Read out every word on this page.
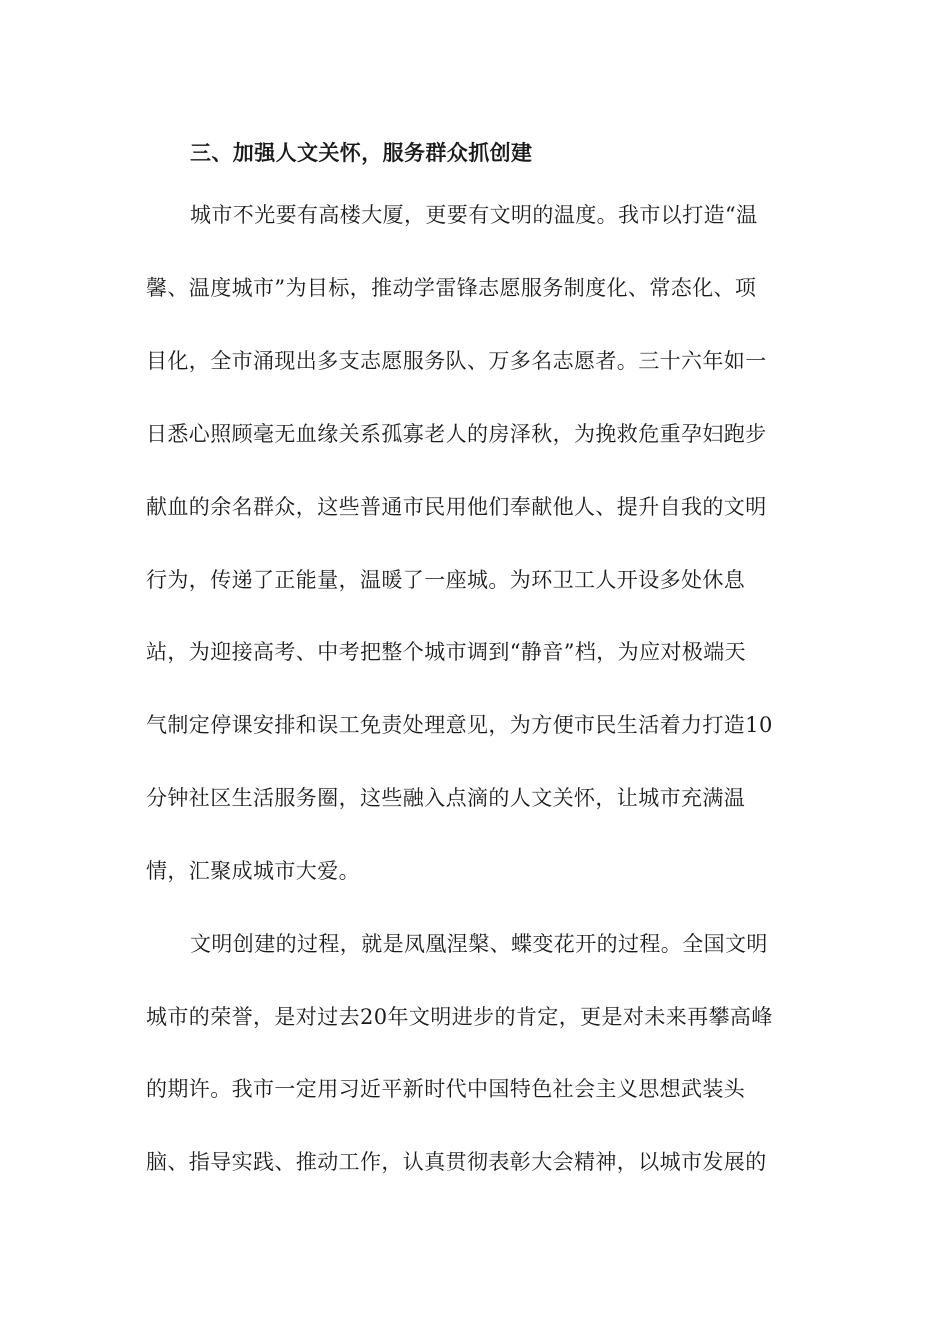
三、加强人文关怀，服务群众抓创建
城市不光要有高楼大厦，更要有文明的温度。我市以打造“温
馨、温度城市”为目标，推动学雷锋志愿服务制度化、常态化、项
目化，全市涌现出多支志愿服务队、万多名志愿者。三十六年如一
日悉心照顾毫无血缘关系孤寡老人的房泽秋，为挽救危重孕妇跑步
献血的余名群众，这些普通市民用他们奉献他人、提升自我的文明
行为，传递了正能量，温暖了一座城。为环卫工人开设多处休息
站，为迎接高考、中考把整个城市调到“静音”档，为应对极端天
气制定停课安排和误工免责处理意见，为方便市民生活着力打造10
分钟社区生活服务圈，这些融入点滴的人文关怀，让城市充满温
情，汇聚成城市大爱。
文明创建的过程，就是凤凰涅槃、蝶变花开的过程。全国文明
城市的荣誉，是对过去20年文明进步的肯定，更是对未来再攀高峰
的期许。我市一定用习近平新时代中国特色社会主义思想武装头
脑、指导实践、推动工作，认真贯彻表彰大会精神，以城市发展的
